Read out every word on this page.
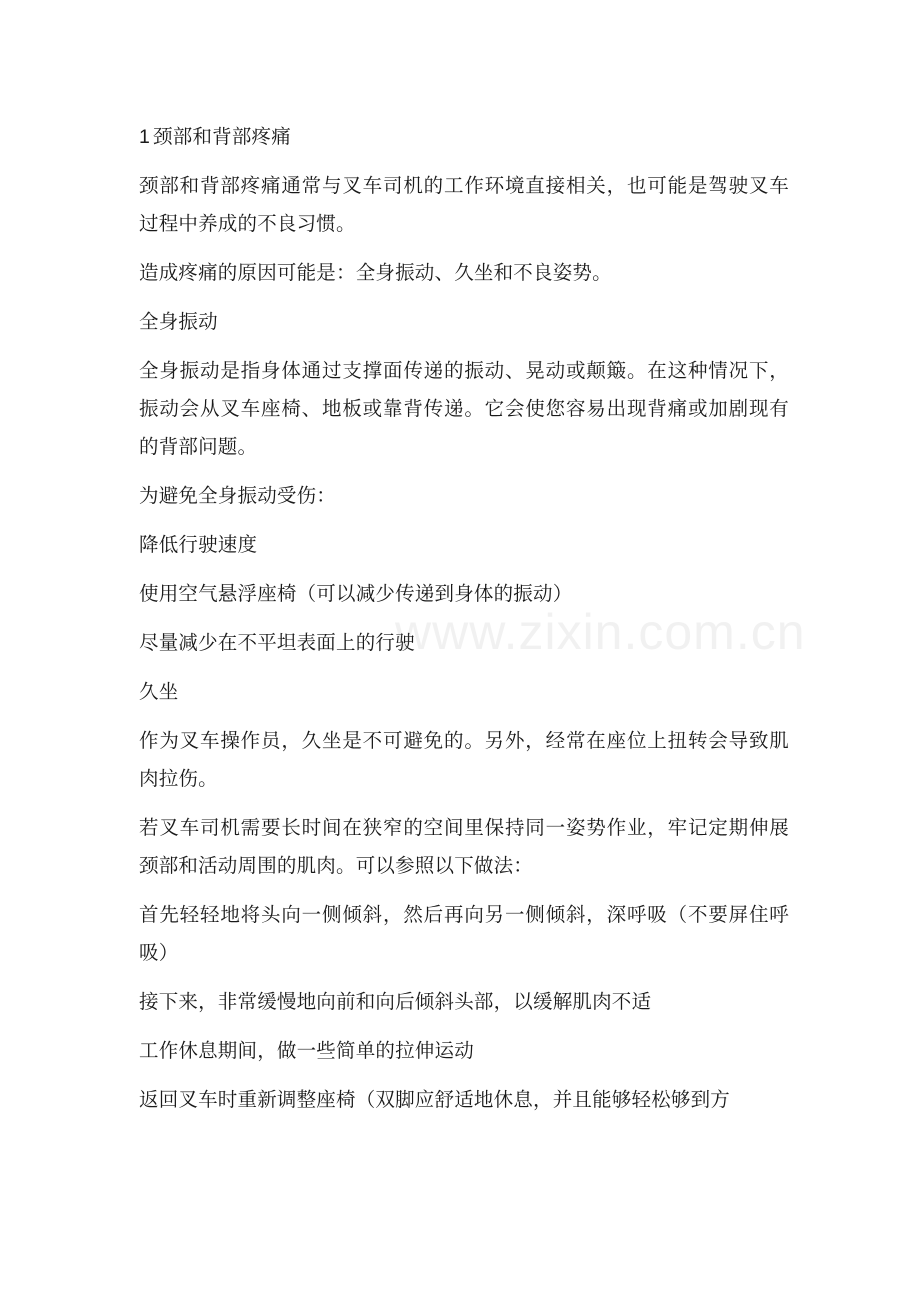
1 颈部和背部疼痛

颈部和背部疼痛通常与叉车司机的工作环境直接相关，也可能是驾驶叉车过程中养成的不良习惯。

造成疼痛的原因可能是：全身振动、久坐和不良姿势。

全身振动

全身振动是指身体通过支撑面传递的振动、晃动或颠簸。在这种情况下，振动会从叉车座椅、地板或靠背传递。它会使您容易出现背痛或加剧现有的背部问题。

为避免全身振动受伤：

降低行驶速度

使用空气悬浮座椅（可以减少传递到身体的振动）

尽量减少在不平坦表面上的行驶

久坐

作为叉车操作员，久坐是不可避免的。另外，经常在座位上扭转会导致肌肉拉伤。

若叉车司机需要长时间在狭窄的空间里保持同一姿势作业，牢记定期伸展颈部和活动周围的肌肉。可以参照以下做法：

首先轻轻地将头向一侧倾斜，然后再向另一侧倾斜，深呼吸（不要屏住呼吸）

接下来，非常缓慢地向前和向后倾斜头部，以缓解肌肉不适

工作休息期间，做一些简单的拉伸运动

返回叉车时重新调整座椅（双脚应舒适地休息，并且能够轻松够到方

www.zixin.com.cn
